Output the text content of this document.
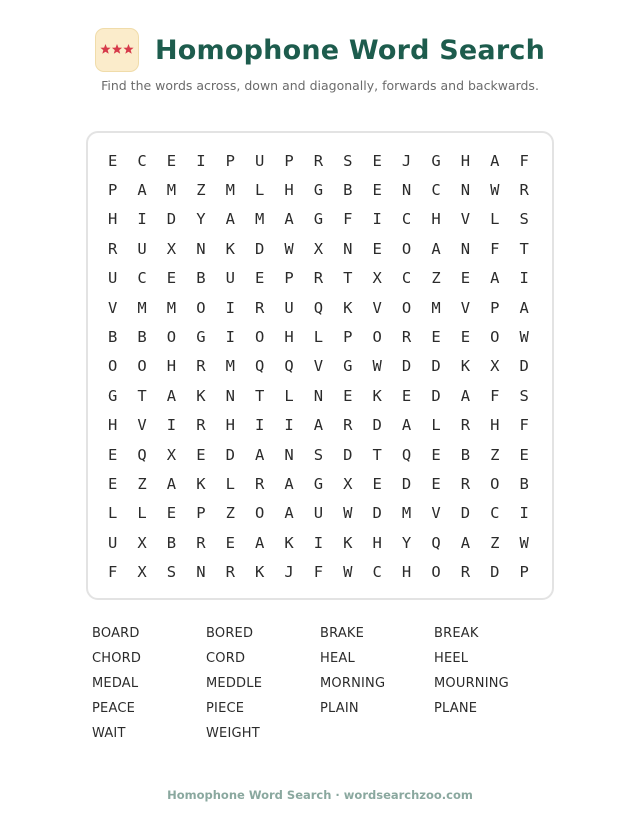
Homophone Word Search
Find the words across, down and diagonally, forwards and backwards.
E	C	E	I	P	U	P	R	S	E	J	G	H	A	F
P	A	M	Z	M	L	H	G	B	E	N	C	N	W	R
H	I	D	Y	A	M	A	G	F	I	C	H	V	L	S
R	U	X	N	K	D	W	X	N	E	O	A	N	F	T
U	C	E	B	U	E	P	R	T	X	C	Z	E	A	I
V	M	M	O	I	R	U	Q	K	V	O	M	V	P	A
B	B	O	G	I	O	H	L	P	O	R	E	E	O	W
O	O	H	R	M	Q	Q	V	G	W	D	D	K	X	D
G	T	A	K	N	T	L	N	E	K	E	D	A	F	S
H	V	I	R	H	I	I	A	R	D	A	L	R	H	F
E	Q	X	E	D	A	N	S	D	T	Q	E	B	Z	E
E	Z	A	K	L	R	A	G	X	E	D	E	R	O	B
L	L	E	P	Z	O	A	U	W	D	M	V	D	C	I
U	X	B	R	E	A	K	I	K	H	Y	Q	A	Z	W
F	X	S	N	R	K	J	F	W	C	H	O	R	D	P
BOARD	BORED	BRAKE	BREAK
CHORD	CORD	HEAL	HEEL
MEDAL	MEDDLE	MORNING	MOURNING
PEACE	PIECE	PLAIN	PLANE
WAIT	WEIGHT
Homophone Word Search · wordsearchzoo.com
